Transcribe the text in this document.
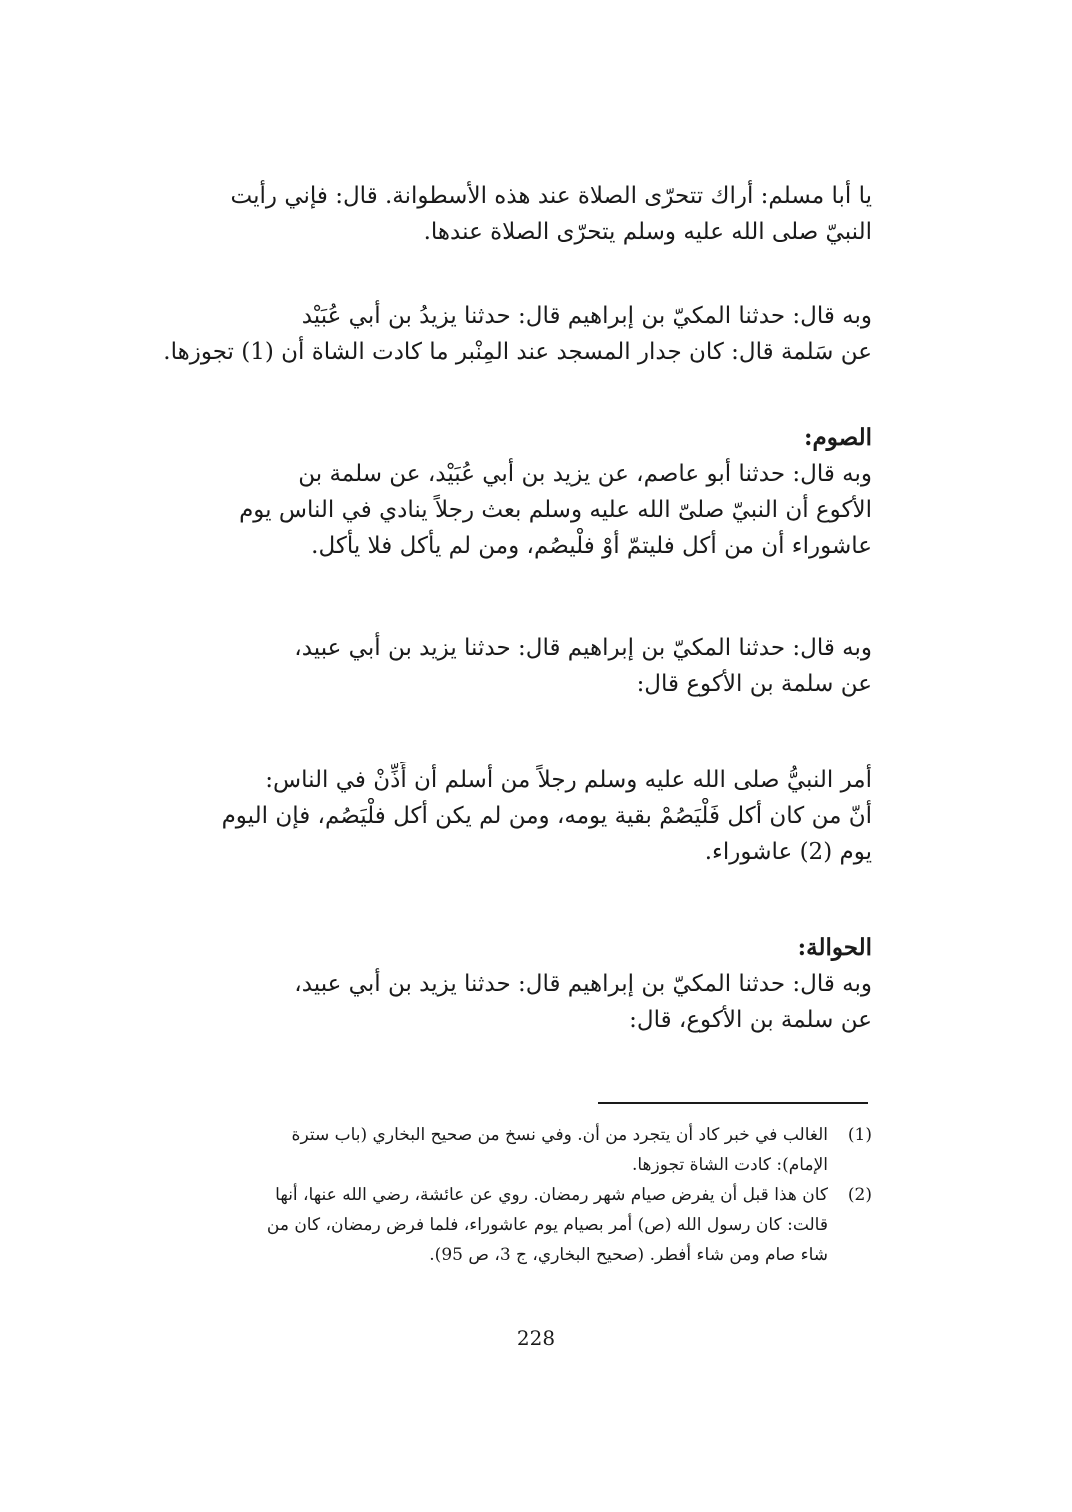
يا أبا مسلم: أراك تتحرّى الصلاة عند هذه الأسطوانة. قال: فإني رأيت
النبيّ صلى الله عليه وسلم يتحرّى الصلاة عندها.
وبه قال: حدثنا المكيّ بن إبراهيم قال: حدثنا يزيدُ بن أبي عُبَيْد
عن سَلمة قال: كان جدار المسجد عند المِنْبر ما كادت الشاة أن (1) تجوزها.
الصوم:
وبه قال: حدثنا أبو عاصم، عن يزيد بن أبي عُبَيْد، عن سلمة بن
الأكوع أن النبيّ صلىّ الله عليه وسلم بعث رجلاً ينادي في الناس يوم
عاشوراء أن من أكل فليتمّ أوْ فلْيصُم، ومن لم يأكل فلا يأكل.
وبه قال: حدثنا المكيّ بن إبراهيم قال: حدثنا يزيد بن أبي عبيد،
عن سلمة بن الأكوع قال:
أمر النبيُّ صلى الله عليه وسلم رجلاً من أسلم أن أَذِّنْ في الناس:
أنّ من كان أكل فَلْيَصُمْ بقية يومه، ومن لم يكن أكل فلْيَصُم، فإن اليوم
يوم (2) عاشوراء.
الحوالة:
وبه قال: حدثنا المكيّ بن إبراهيم قال: حدثنا يزيد بن أبي عبيد،
عن سلمة بن الأكوع، قال:
(1)
الغالب في خبر كاد أن يتجرد من أن. وفي نسخ من صحيح البخاري (باب سترة
الإمام): كادت الشاة تجوزها.
(2)
كان هذا قبل أن يفرض صيام شهر رمضان. روي عن عائشة، رضي الله عنها، أنها
قالت: كان رسول الله (ص) أمر بصيام يوم عاشوراء، فلما فرض رمضان، كان من
شاء صام ومن شاء أفطر. (صحيح البخاري، ج 3، ص 95).
228
